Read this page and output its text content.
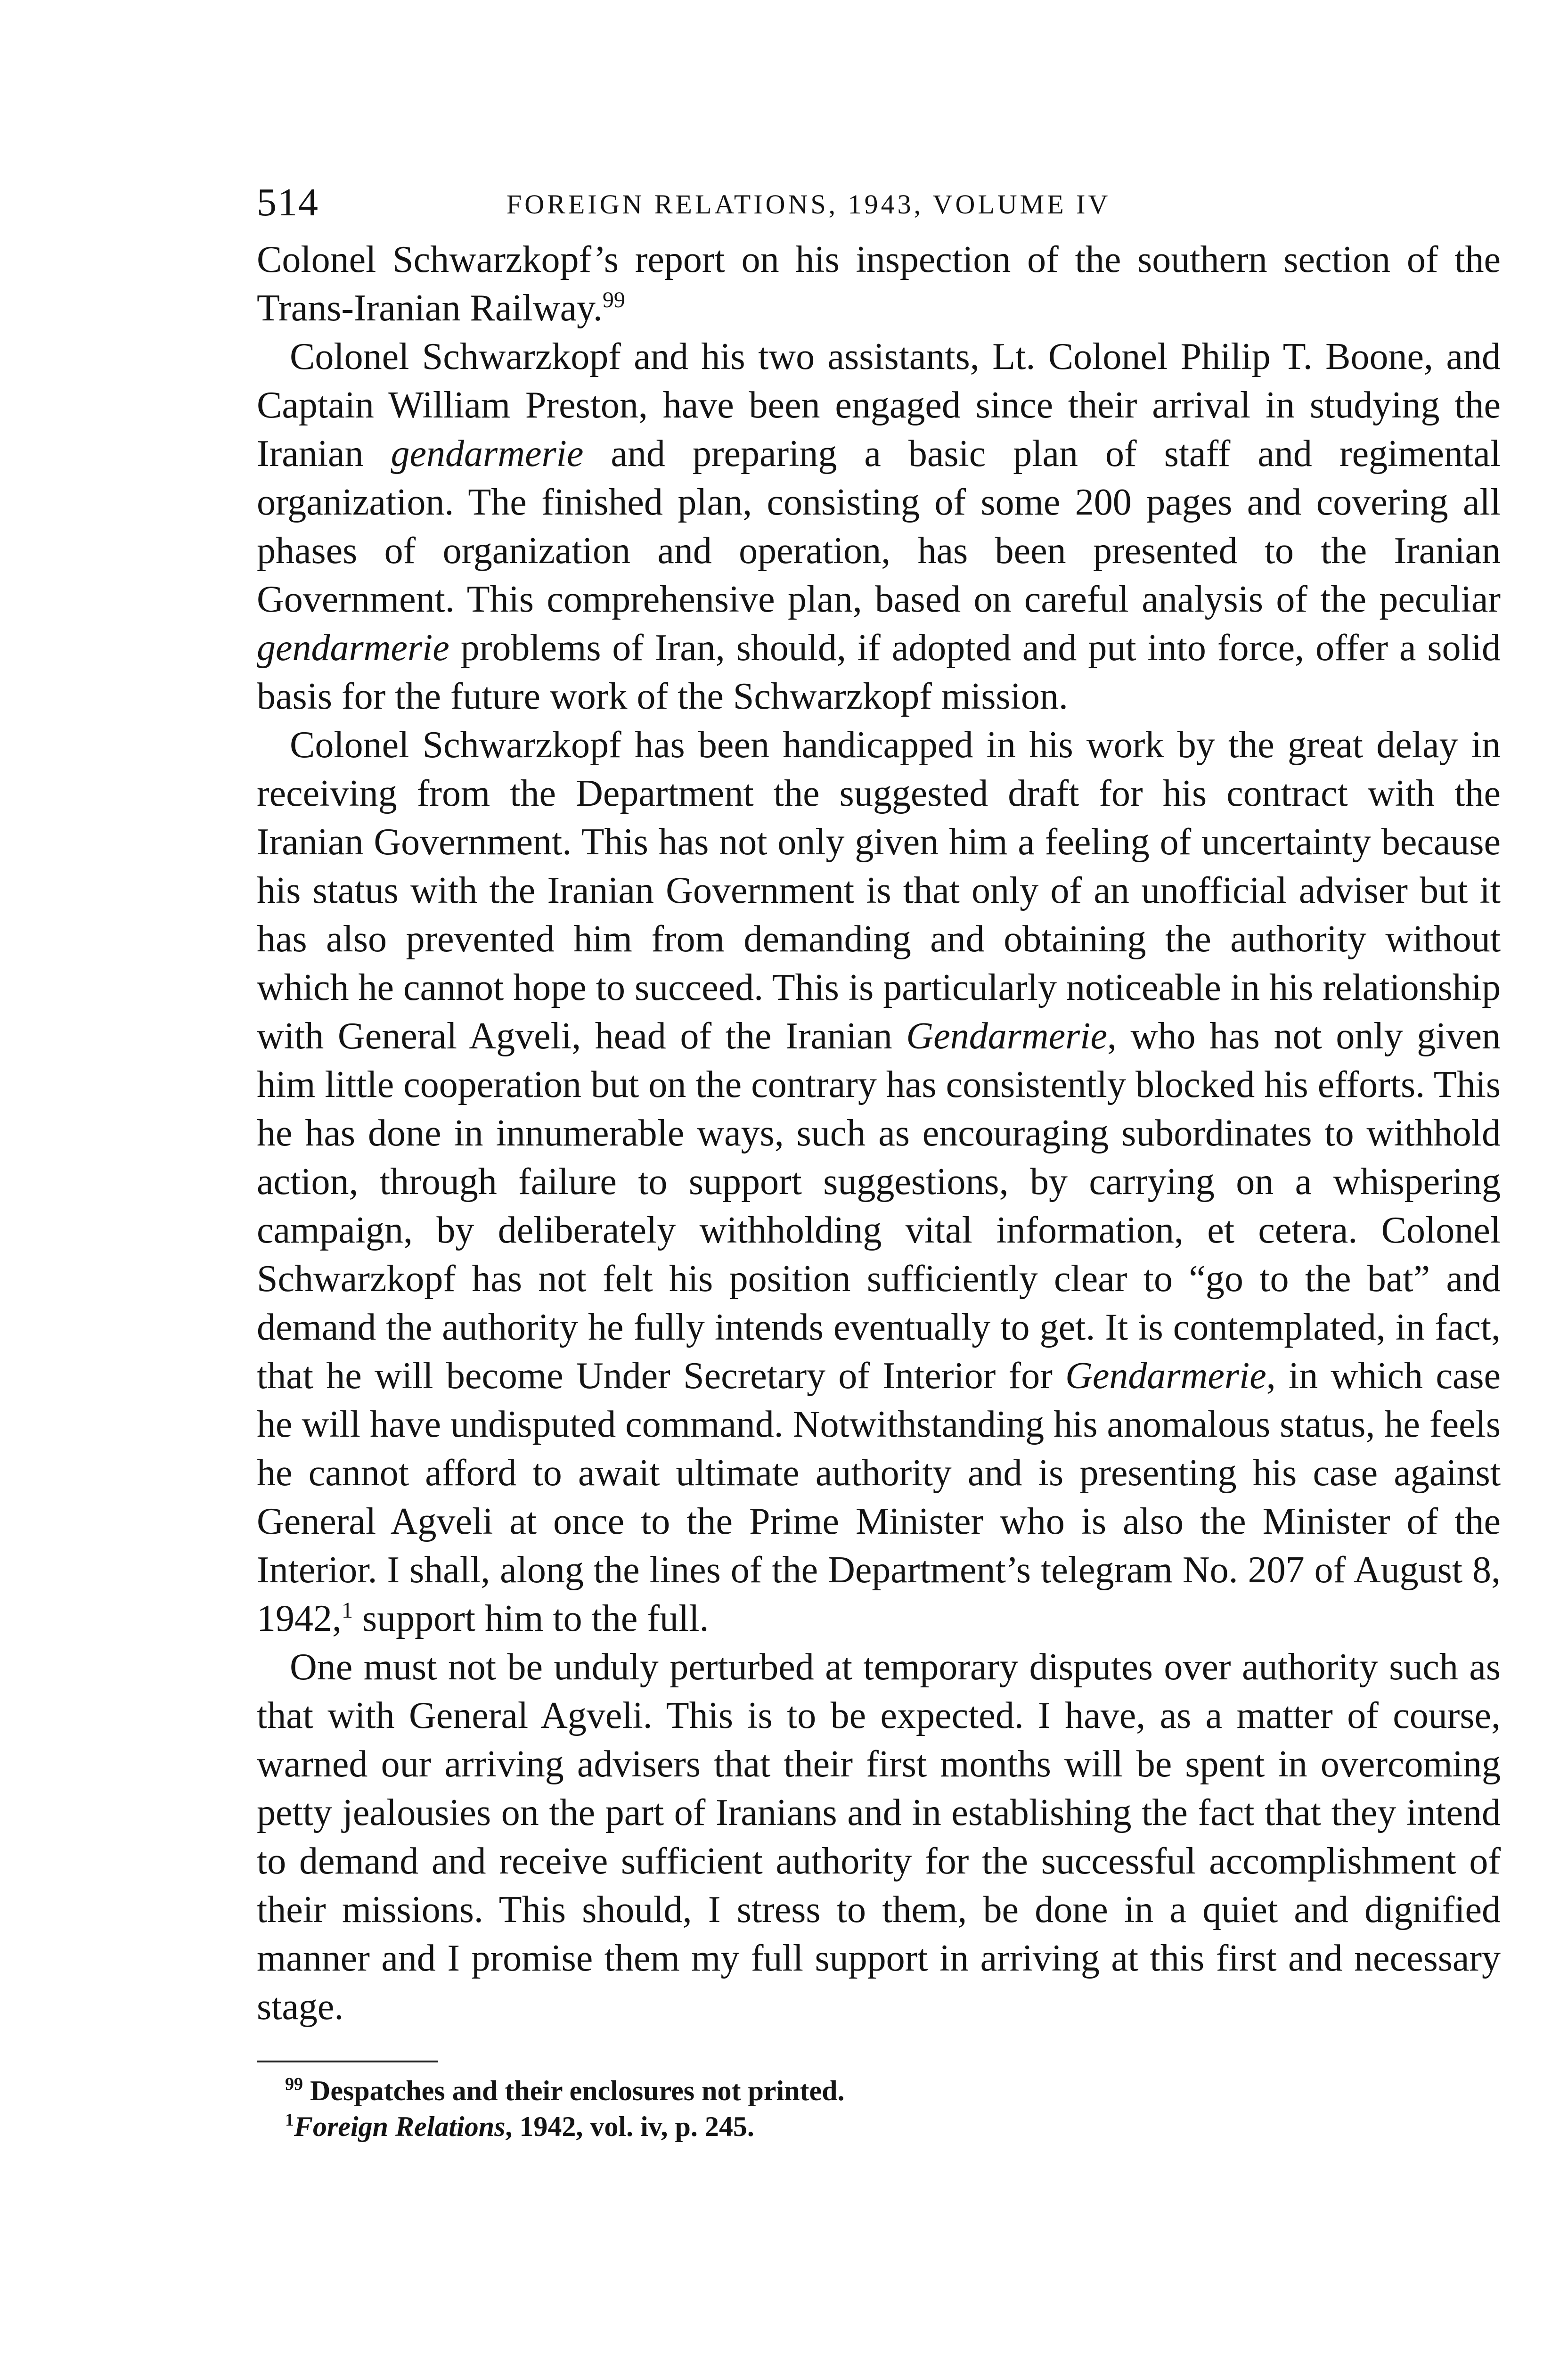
514	FOREIGN RELATIONS, 1943, VOLUME IV

Colonel Schwarzkopf’s report on his inspection of the southern section of the Trans-Iranian Railway.$^{99}$

Colonel Schwarzkopf and his two assistants, Lt. Colonel Philip T. Boone, and Captain William Preston, have been engaged since their arrival in studying the Iranian gendarmerie and preparing a basic plan of staff and regimental organization. The finished plan, consisting of some 200 pages and covering all phases of organization and operation, has been presented to the Iranian Government. This comprehensive plan, based on careful analysis of the peculiar gendarmerie problems of Iran, should, if adopted and put into force, offer a solid basis for the future work of the Schwarzkopf mission.

Colonel Schwarzkopf has been handicapped in his work by the great delay in receiving from the Department the suggested draft for his contract with the Iranian Government. This has not only given him a feeling of uncertainty because his status with the Iranian Government is that only of an unofficial adviser but it has also prevented him from demanding and obtaining the authority without which he cannot hope to succeed. This is particularly noticeable in his relationship with General Agveli, head of the Iranian Gendarmerie, who has not only given him little cooperation but on the contrary has consistently blocked his efforts. This he has done in innumerable ways, such as encouraging subordinates to withhold action, through failure to support suggestions, by carrying on a whispering campaign, by deliberately withholding vital information, et cetera. Colonel Schwarzkopf has not felt his position sufficiently clear to “go to the bat” and demand the authority he fully intends eventually to get. It is contemplated, in fact, that he will become Under Secretary of Interior for Gendarmerie, in which case he will have undisputed command. Notwithstanding his anomalous status, he feels he cannot afford to await ultimate authority and is presenting his case against General Agveli at once to the Prime Minister who is also the Minister of the Interior. I shall, along the lines of the Department’s telegram No. 207 of August 8, 1942,$^1$ support him to the full.

One must not be unduly perturbed at temporary disputes over authority such as that with General Agveli. This is to be expected. I have, as a matter of course, warned our arriving advisers that their first months will be spent in overcoming petty jealousies on the part of Iranians and in establishing the fact that they intend to demand and receive sufficient authority for the successful accomplishment of their missions. This should, I stress to them, be done in a quiet and dignified manner and I promise them my full support in arriving at this first and necessary stage.

$^{99}$ Despatches and their enclosures not printed.

$^1$Foreign Relations, 1942, vol. iv, p. 245.
